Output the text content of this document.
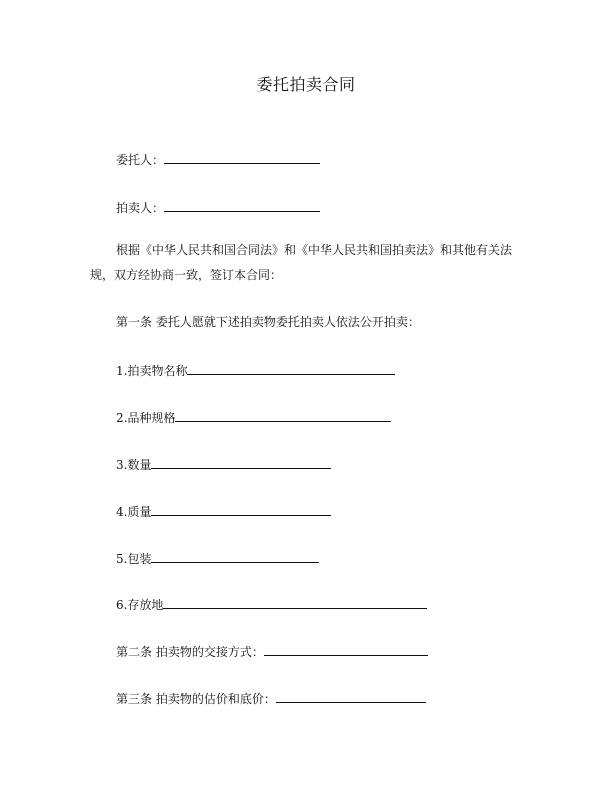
委托拍卖合同
委托人：
拍卖人：
根据《中华人民共和国合同法》和《中华人民共和国拍卖法》和其他有关法规，双方经协商一致，签订本合同：
第一条 委托人愿就下述拍卖物委托拍卖人依法公开拍卖：
1.拍卖物名称
2.品种规格
3.数量
4.质量
5.包装
6.存放地
第二条 拍卖物的交接方式：
第三条 拍卖物的估价和底价：
